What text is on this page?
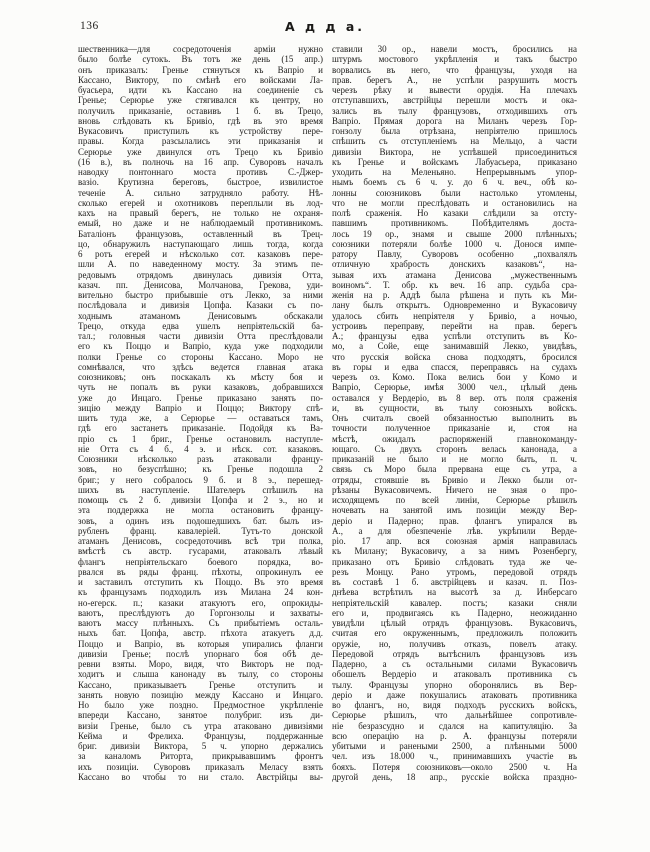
136	А д д а.
шественника—для сосредоточенія арміи нужно
было болѣе сутокъ. Въ тотъ же день (15 апр.)
онъ приказалъ: Гренье стянуться къ Вапріо и
Кассано, Виктору, по смѣнѣ его войсками Ла-
буасьера, идти къ Кассано на соединеніе съ
Гренье; Серюрье уже стягивался къ центру, но
получилъ приказаніе, оставивъ 1 б. въ Трецо,
вновь слѣдовать къ Бривіо, гдѣ въ это время
Вукасовичъ приступилъ къ устройству пере-
правы. Когда разсылались эти приказанія и
Серюрье уже двинулся отъ Трецо къ Бривіо
(16 в.), въ полночь на 16 апр. Суворовъ началъ
наводку понтоннаго моста противъ С.-Джер-
вазіо. Крутизна береговъ, быстрое, извилистое
теченіе А. сильно затрудняло работу. Нѣ-
сколько егерей и охотниковъ переплыли въ лод-
кахъ на правый берегъ, не только не охраня-
емый, но даже и не наблюдаемый противникомъ.
Баталіонъ французовъ, оставленный въ Трец-
цо, обнаружилъ наступающаго лишь тогда, когда
6 ротъ егерей и нѣсколько сот. казаковъ пере-
шли А. по наведенному мосту. За этимъ пе-
редовымъ отрядомъ двинулась дивизія Отта,
казач. пп. Денисова, Молчанова, Грекова, уди-
вительно быстро прибывшіе отъ Лекко, за ними
послѣдовала и дивизія Цопфа. Казаки съ по-
ходнымъ атаманомъ Денисовымъ обскакали
Трецо, откуда едва ушелъ непріятельскій ба-
тал.; головныя части дивизіи Отта преслѣдовали
его къ Поццо и Вапріо, куда уже подходили
полки Гренье со стороны Кассано. Моро не
сомнѣвался, что здѣсь ведется главная атака
союзниковъ; онъ поскакалъ къ мѣсту боя и
чуть не попалъ въ руки казаковъ, добравшихся
уже до Инцаго. Гренье приказано занять по-
зицію между Вапріо и Поццо; Виктору спѣ-
шить туда же, а Серюрье — оставаться тамъ,
гдѣ его застанетъ приказаніе. Подойдя къ Ва-
пріо съ 1 бриг., Гренье остановилъ наступле-
ніе Отта съ 4 б., 4 э. и нѣск. сот. казаковъ.
Союзники нѣсколько разъ атаковали францу-
зовъ, но безуспѣшно; къ Гренье подошла 2
бриг.; у него собралось 9 б. и 8 э., перешед-
шихъ въ наступленіе. Шателеръ спѣшилъ на
помощь съ 2 б. дивизіи Цопфа и 2 э., но и
эта поддержка не могла остановить францу-
зовъ, а одинъ изъ подошедшихъ бат. былъ из-
рубленъ франц. кавалеріей. Тутъ-то донской
атаманъ Денисовъ, сосредоточивъ всѣ три полка,
вмѣстѣ съ австр. гусарами, атаковалъ лѣвый
флангъ непріятельскаго боевого порядка, во-
рвался въ ряды франц. пѣхоты, опрокинулъ ее
и заставилъ отступить къ Поццо. Въ это время
къ французамъ подходилъ изъ Милана 24 кон-
но-егерск. п.; казаки атакуютъ его, опрокиды-
ваютъ, преслѣдуютъ до Горгонзолы и захваты-
ваютъ массу плѣнныхъ. Съ прибытіемъ осталь-
ныхъ бат. Цопфа, австр. пѣхота атакуетъ д.д.
Поццо и Вапріо, въ которыя упирались фланги
дивизіи Гренье; послѣ упорнаго боя обѣ де-
ревни взяты. Моро, видя, что Викторъ не под-
ходитъ и слыша канонаду въ тылу, со стороны
Кассано, приказываетъ Гренье отступить и
занять новую позицію между Кассано и Инцаго.
Но было уже поздно. Предмостное укрѣпленіе
впереди Кассано, занятое полубриг. изъ ди-
визіи Гренье, было съ утра атаковано дивизіями
Кейма и Фрелиха. Французы, поддержанные
бриг. дивизіи Виктора, 5 ч. упорно держались
за каналомъ Риторта, прикрывавшимъ фронтъ
ихъ позиціи. Суворовъ приказалъ Меласу взять
Кассано во чтобы то ни стало. Австрійцы вы-
ставили 30 ор., навели мостъ, бросились на
штурмъ мостового укрѣпленія и такъ быстро
ворвались въ него, что французы, уходя на
прав. берегъ А., не успѣли разрушить мостъ
черезъ рѣку и вывести орудія. На плечахъ
отступавшихъ, австрійцы перешли мостъ и ока-
зались въ тылу французовъ, отходившихъ отъ
Вапріо. Прямая дорога на Миланъ черезъ Гор-
гонзолу была отрѣзана, непріятелю пришлось
спѣшить съ отступленіемъ на Мельцо, а части
дивизіи Виктора, не успѣвшей присоединиться
къ Гренье и войскамъ Лабуасьера, приказано
уходить на Меленьяно. Непрерывнымъ упор-
нымъ боемъ съ 6 ч. у. до 6 ч. веч., обѣ ко-
лонны союзниковъ были настолько утомлены,
что не могли преслѣдовать и остановились на
полѣ сраженія. Но казаки слѣдили за отсту-
павшимъ противникомъ. Побѣдителямъ доста-
лось 19 ор., знамя и свыше 2000 плѣнныхъ;
союзники потеряли болѣе 1000 ч. Донося импе-
ратору Павлу, Суворовъ особенно „похвалялъ
отличную храбрость донскихъ казаковъ“, на-
зывая ихъ атамана Денисова „мужественнымъ
воиномъ“. Т. обр. къ веч. 16 апр. судьба сра-
женія на р. Аддѣ была рѣшена и путь къ Ми-
лану былъ открытъ. Одновременно и Вукасовичу
удалось сбить непріятеля у Бривіо, а ночью,
устроивъ переправу, перейти на прав. берегъ
А.; французы едва успѣли отступить въ Ко-
мо, а Сойе, еще занимавшій Лекко, увидѣвъ,
что русскія войска снова подходятъ, бросился
въ горы и едва спасся, переправясь на судахъ
черезъ оз. Комо. Пока велись бои у Комо и
Вапріо, Серюрье, имѣя 3000 чел., цѣлый день
оставался у Вердеріо, въ 8 вер. отъ поля сраженія
и, въ сущности, въ тылу союзныхъ войскъ.
Онъ считалъ своей обязанностью выполнить въ
точности полученное приказаніе и, стоя на
мѣстѣ, ожидалъ распоряженій главнокоманду-
ющаго. Съ двухъ сторонъ велась канонада, а
приказаній не было и не могло быть, п. ч.
связь съ Моро была прервана еще съ утра, а
отряды, стоявшіе въ Бривіо и Лекко были от-
рѣзаны Вукасовичемъ. Ничего не зная о про-
исходящемъ по всей линіи, Серюрье рѣшилъ
ночевать на занятой имъ позиціи между Вер-
деріо и Падерно; прав. флангъ упирался въ
А., а для обезпеченіе лѣв. укрѣпили Верде-
ріо. 17 апр. вся союзная армія направилась
къ Милану; Вукасовичу, а за нимъ Розенбергу,
приказано отъ Бривіо слѣдовать туда же че-
резъ Монцу. Рано утромъ, передовой отрядъ
въ составѣ 1 б. австрійцевъ и казач. п. Поз-
днѣева встрѣтилъ на высотѣ за д. Инберсаго
непріятельскій кавалер. постъ; казаки сняли
его и, продвигаясь къ Падерно, неожиданно
увидѣли цѣлый отрядъ французовъ. Вукасовичъ,
считая его окруженнымъ, предложилъ положить
оружіе, но, получивъ отказъ, повелъ атаку.
Передовой отрядъ вытѣснилъ французовъ изъ
Падерно, а съ остальными силами Вукасовичъ
обошелъ Вердеріо и атаковалъ противника съ
тылу. Французы упорно оборонялись въ Вер-
деріо и даже покушались атаковать противника
во флангъ, но, видя подходъ русскихъ войскъ,
Серюрье рѣшилъ, что дальнѣйшее сопротивле-
ніе безразсудно и сдался на капитуляцію. За
всю операцію на р. А. французы потеряли
убитыми и ранеными 2500, а плѣнными 5000
чел. изъ 18.000 ч., принимавшихъ участіе въ
бояхъ. Потеря союзниковъ—около 2500 ч. На
другой день, 18 апр., русскіе войска праздно-
